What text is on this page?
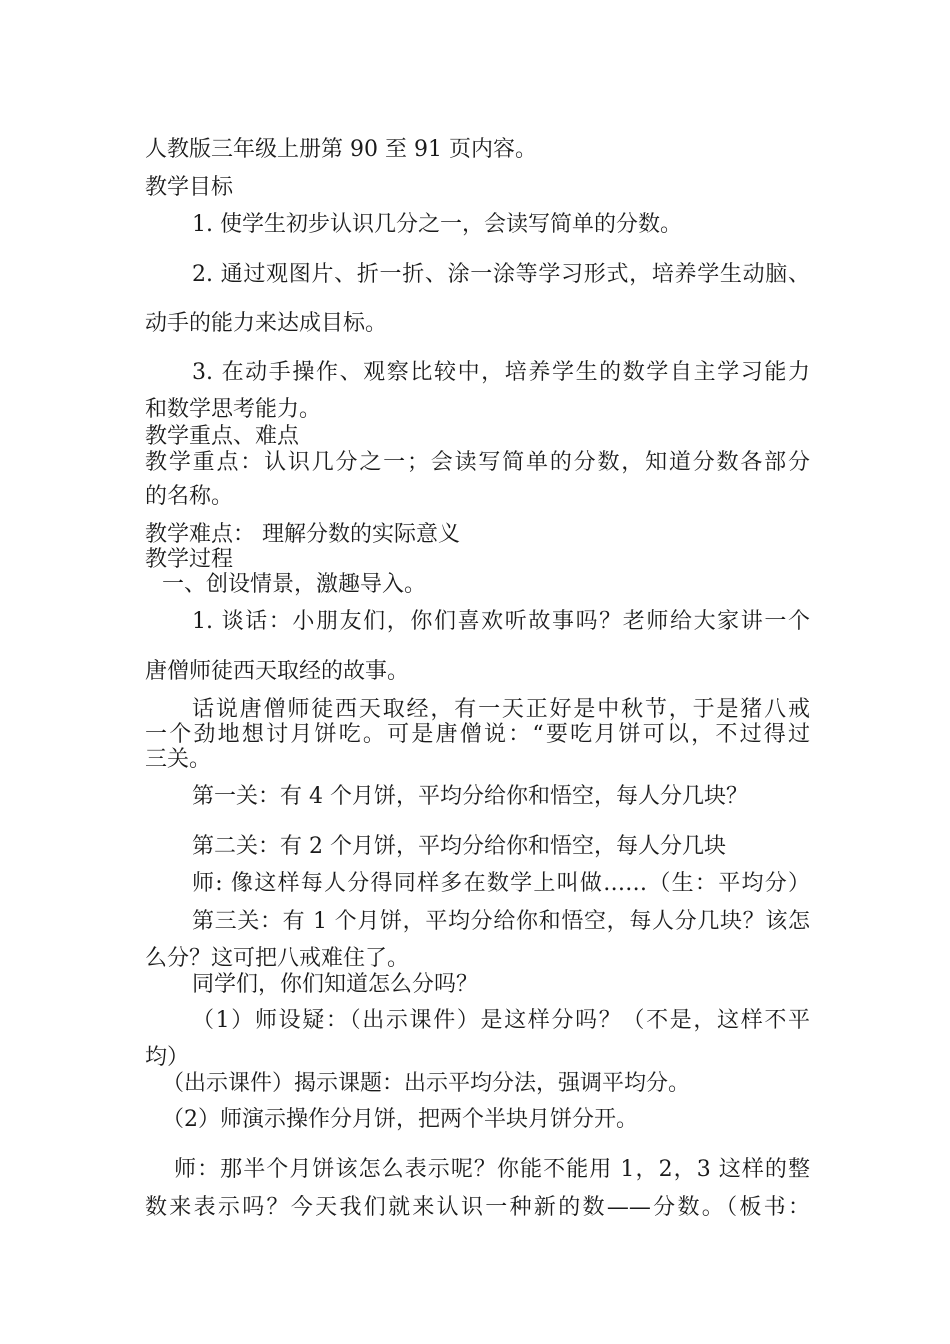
人教版三年级上册第 90 至 91 页内容。
教学目标
1. 使学生初步认识几分之一，会读写简单的分数。
2. 通过观图片、折一折、涂一涂等学习形式，培养学生动脑、
动手的能力来达成目标。
3. 在动手操作、观察比较中，培养学生的数学自主学习能力
和数学思考能力。
教学重点、难点
教学重点：认识几分之一；会读写简单的分数，知道分数各部分
的名称。
教学难点： 理解分数的实际意义
教学过程
一、创设情景，激趣导入。
1. 谈话：小朋友们，你们喜欢听故事吗？老师给大家讲一个
唐僧师徒西天取经的故事。
话说唐僧师徒西天取经，有一天正好是中秋节，于是猪八戒
一个劲地想讨月饼吃。可是唐僧说：“要吃月饼可以，不过得过
三关。
第一关：有 4 个月饼，平均分给你和悟空，每人分几块？
第二关：有 2 个月饼，平均分给你和悟空，每人分几块
师: 像这样每人分得同样多在数学上叫做……（生：平均分）
第三关：有 1 个月饼，平均分给你和悟空，每人分几块？该怎
么分？这可把八戒难住了。
同学们，你们知道怎么分吗？
（1）师设疑：（出示课件）是这样分吗？（不是，这样不平
均）
（出示课件）揭示课题：出示平均分法，强调平均分。
（2）师演示操作分月饼，把两个半块月饼分开。
师：那半个月饼该怎么表示呢？你能不能用 1，2，3 这样的整
数来表示吗？今天我们就来认识一种新的数——分数。（板书：
